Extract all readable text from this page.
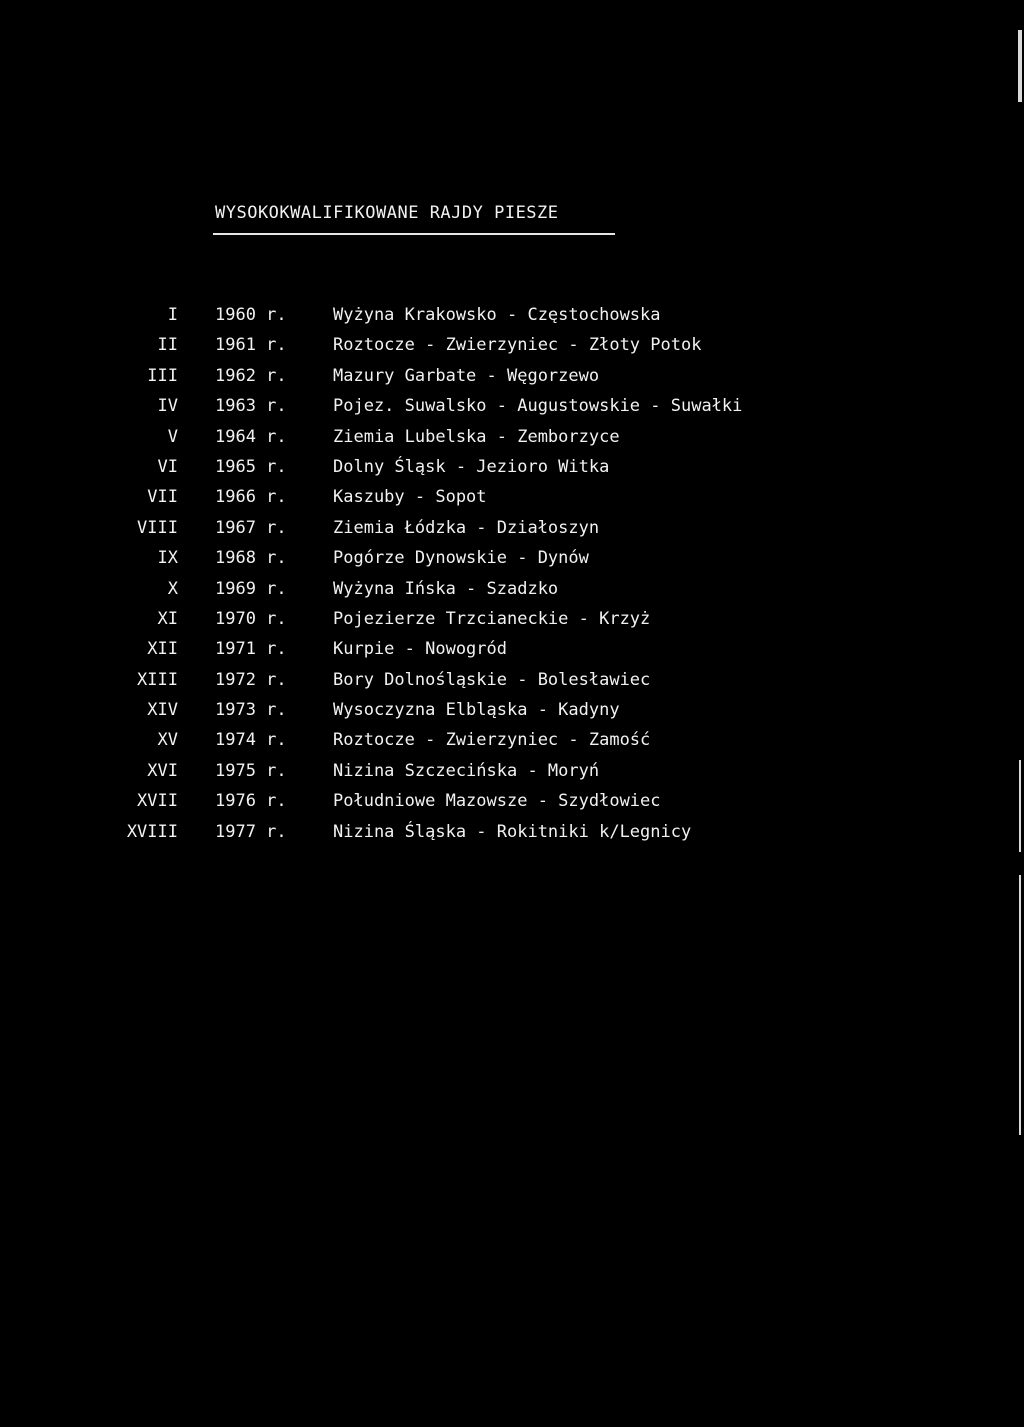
WYSOKOKWALIFIKOWANE RAJDY PIESZE
I 1960 r.	Wyżyna Krakowsko - Częstochowska
II 1961 r.	Roztocze - Zwierzyniec - Złoty Potok
III 1962 r.	Mazury Garbate - Węgorzewo
IV 1963 r.	Pojez. Suwalsko - Augustowskie - Suwałki
V 1964 r.	Ziemia Lubelska - Zemborzyce
VI 1965 r.	Dolny Śląsk - Jezioro Witka
VII 1966 r.	Kaszuby - Sopot
VIII 1967 r.	Ziemia Łódzka - Działoszyn
IX 1968 r.	Pogórze Dynowskie - Dynów
X 1969 r.	Wyżyna Ińska - Szadzko
XI 1970 r.	Pojezierze Trzcianeckie - Krzyż
XII 1971 r.	Kurpie - Nowogród
XIII 1972 r.	Bory Dolnośląskie - Bolesławiec
XIV 1973 r.	Wysoczyzna Elbląska - Kadyny
XV 1974 r.	Roztocze - Zwierzyniec - Zamość
XVI 1975 r.	Nizina Szczecińska - Moryń
XVII 1976 r.	Południowe Mazowsze - Szydłowiec
XVIII 1977 r.	Nizina Śląska - Rokitniki k/Legnicy
